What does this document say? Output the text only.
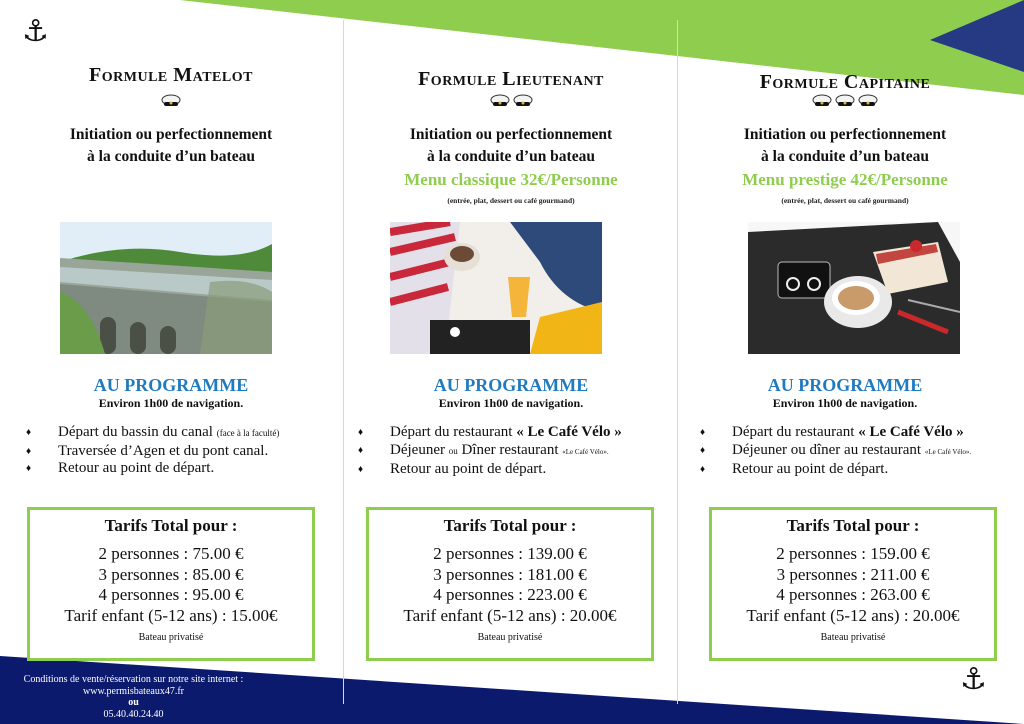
⚓
⚓
Formule Matelot
Initiation ou perfectionnement
à la conduite d’un bateau
AU PROGRAMME
Environ 1h00 de navigation.
♦ Départ du bassin du canal (face à la faculté)
♦ Traversée d’Agen et du pont canal.
♦ Retour au point de départ.
Tarifs Total pour :
2 personnes : 75.00 €
3 personnes : 85.00 €
4 personnes : 95.00 €
Tarif enfant (5-12 ans) : 15.00€
Bateau privatisé
Formule Lieutenant
Initiation ou perfectionnement
à la conduite d’un bateau
Menu classique 32€/Personne
(entrée, plat, dessert ou café gourmand)
AU PROGRAMME
Environ 1h00 de navigation.
♦ Départ du restaurant « Le Café Vélo »
♦ Déjeuner ou Dîner restaurant «Le Café Vélo».
♦ Retour au point de départ.
Tarifs Total pour :
2 personnes : 139.00 €
3 personnes : 181.00 €
4 personnes : 223.00 €
Tarif enfant (5-12 ans) : 20.00€
Bateau privatisé
Formule Capitaine
Initiation ou perfectionnement
à la conduite d’un bateau
Menu prestige 42€/Personne
(entrée, plat, dessert ou café gourmand)
AU PROGRAMME
Environ 1h00 de navigation.
♦ Départ du restaurant « Le Café Vélo »
♦ Déjeuner ou dîner au restaurant «Le Café Vélo».
♦ Retour au point de départ.
Tarifs Total pour :
2 personnes : 159.00 €
3 personnes : 211.00 €
4 personnes : 263.00 €
Tarif enfant (5-12 ans) : 20.00€
Bateau privatisé
Conditions de vente/réservation sur notre site internet :
www.permisbateaux47.fr
ou
05.40.40.24.40
